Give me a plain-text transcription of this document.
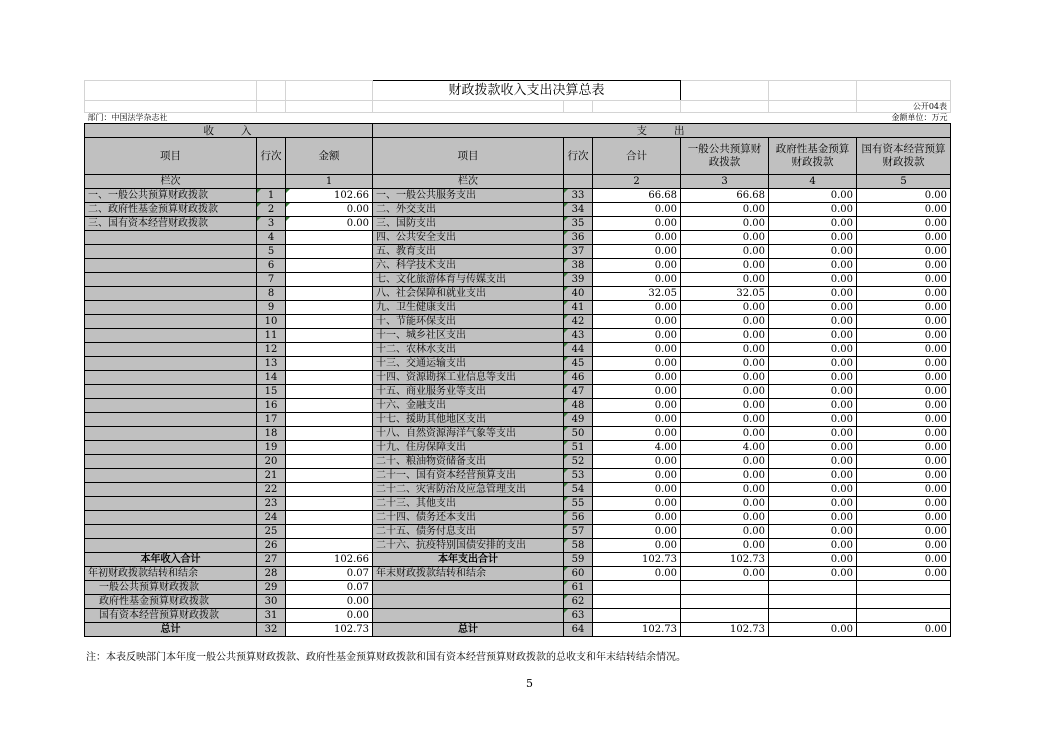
			财政拨款收入支出决算总表					
								公开04表
部门：中国法学杂志社								金额单位：万元
收　　入			支　　出					
项目	行次	金额	项目	行次	合计	一般公共预算财政拨款	政府性基金预算财政拨款	国有资本经营预算财政拨款
栏次		1	栏次		2	3	4	5
一、一般公共预算财政拨款	1	102.66	一、一般公共服务支出	33	66.68	66.68	0.00	0.00
二、政府性基金预算财政拨款	2	0.00	二、外交支出	34	0.00	0.00	0.00	0.00
三、国有资本经营财政拨款	3	0.00	三、国防支出	35	0.00	0.00	0.00	0.00
	4		四、公共安全支出	36	0.00	0.00	0.00	0.00
	5		五、教育支出	37	0.00	0.00	0.00	0.00
	6		六、科学技术支出	38	0.00	0.00	0.00	0.00
	7		七、文化旅游体育与传媒支出	39	0.00	0.00	0.00	0.00
	8		八、社会保障和就业支出	40	32.05	32.05	0.00	0.00
	9		九、卫生健康支出	41	0.00	0.00	0.00	0.00
	10		十、节能环保支出	42	0.00	0.00	0.00	0.00
	11		十一、城乡社区支出	43	0.00	0.00	0.00	0.00
	12		十二、农林水支出	44	0.00	0.00	0.00	0.00
	13		十三、交通运输支出	45	0.00	0.00	0.00	0.00
	14		十四、资源勘探工业信息等支出	46	0.00	0.00	0.00	0.00
	15		十五、商业服务业等支出	47	0.00	0.00	0.00	0.00
	16		十六、金融支出	48	0.00	0.00	0.00	0.00
	17		十七、援助其他地区支出	49	0.00	0.00	0.00	0.00
	18		十八、自然资源海洋气象等支出	50	0.00	0.00	0.00	0.00
	19		十九、住房保障支出	51	4.00	4.00	0.00	0.00
	20		二十、粮油物资储备支出	52	0.00	0.00	0.00	0.00
	21		二十一、国有资本经营预算支出	53	0.00	0.00	0.00	0.00
	22		二十二、灾害防治及应急管理支出	54	0.00	0.00	0.00	0.00
	23		二十三、其他支出	55	0.00	0.00	0.00	0.00
	24		二十四、债务还本支出	56	0.00	0.00	0.00	0.00
	25		二十五、债务付息支出	57	0.00	0.00	0.00	0.00
	26		二十六、抗疫特别国债安排的支出	58	0.00	0.00	0.00	0.00
本年收入合计	27	102.66	本年支出合计	59	102.73	102.73	0.00	0.00
年初财政拨款结转和结余	28	0.07	年末财政拨款结转和结余	60	0.00	0.00	0.00	0.00
一般公共预算财政拨款	29	0.07		61				
政府性基金预算财政拨款	30	0.00		62				
国有资本经营预算财政拨款	31	0.00		63				
总计	32	102.73	总计	64	102.73	102.73	0.00	0.00
注：本表反映部门本年度一般公共预算财政拨款、政府性基金预算财政拨款和国有资本经营预算财政拨款的总收支和年末结转结余情况。
5
